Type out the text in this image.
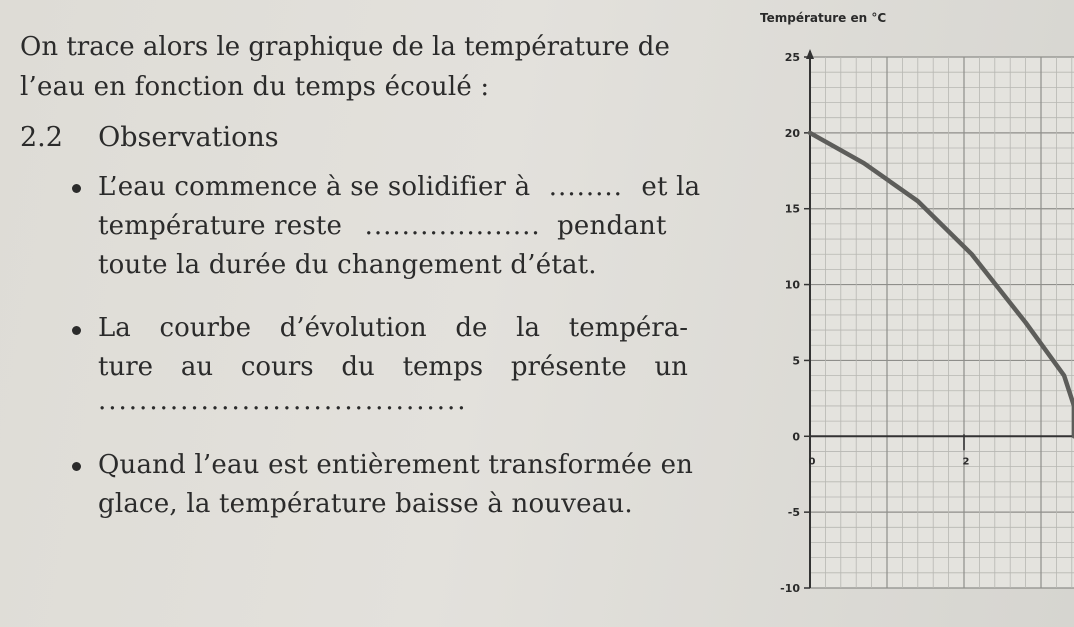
On trace alors le graphique de la température de
l’eau en fonction du temps écoulé :
2.2 Observations
L’eau commence à se solidifier à ........ et la
température reste ................... pendant
toute la durée du changement d’état.
La courbe d’évolution de la tempéra-
ture au cours du temps présente un
....................................
Quand l’eau est entièrement transformée en
glace, la température baisse à nouveau.
Température en °C
25
20
15
10
5
0
-5
-10
0	2
